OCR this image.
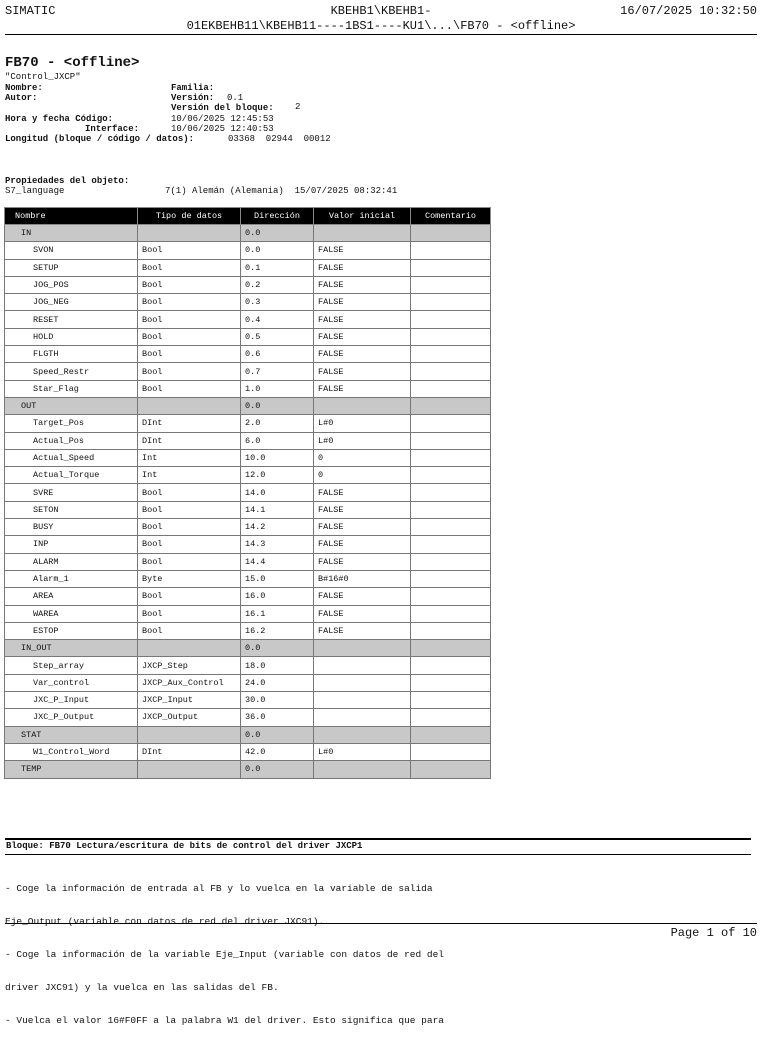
KBEHB1\KBEHB1-
01EKBEHB11\KBEHB11----1BS1----KU1\...\FB70 - <offline>
SIMATIC	16/07/2025 10:32:50
FB70 - <offline>
"Control_JXCP"
Nombre:	Familia:
Autor:	Versión: 0.1
Versión del bloque: 2
Hora y fecha Código:	10/06/2025 12:45:53
Interface:	10/06/2025 12:40:53
Longitud (bloque / código / datos):	03368  02944  00012
Propiedades del objeto:
S7_language	7(1) Alemán (Alemania)  15/07/2025 08:32:41
Nombre	Tipo de datos	Dirección	Valor inicial	Comentario
IN		0.0		
SVON	Bool	0.0	FALSE	
SETUP	Bool	0.1	FALSE	
JOG_POS	Bool	0.2	FALSE	
JOG_NEG	Bool	0.3	FALSE	
RESET	Bool	0.4	FALSE	
HOLD	Bool	0.5	FALSE	
FLGTH	Bool	0.6	FALSE	
Speed_Restr	Bool	0.7	FALSE	
Star_Flag	Bool	1.0	FALSE	
OUT		0.0		
Target_Pos	DInt	2.0	L#0	
Actual_Pos	DInt	6.0	L#0	
Actual_Speed	Int	10.0	0	
Actual_Torque	Int	12.0	0	
SVRE	Bool	14.0	FALSE	
SETON	Bool	14.1	FALSE	
BUSY	Bool	14.2	FALSE	
INP	Bool	14.3	FALSE	
ALARM	Bool	14.4	FALSE	
Alarm_1	Byte	15.0	B#16#0	
AREA	Bool	16.0	FALSE	
WAREA	Bool	16.1	FALSE	
ESTOP	Bool	16.2	FALSE	
IN_OUT		0.0		
Step_array	JXCP_Step	18.0		
Var_control	JXCP_Aux_Control	24.0		
JXC_P_Input	JXCP_Input	30.0		
JXC_P_Output	JXCP_Output	36.0		
STAT		0.0		
W1_Control_Word	DInt	42.0	L#0	
TEMP		0.0		
Bloque: FB70 Lectura/escritura de bits de control del driver JXCP1

- Coge la información de entrada al FB y lo vuelca en la variable de salida

Eje_Output (variable con datos de red del driver JXC91).

- Coge la información de la variable Eje_Input (variable con datos de red del

driver JXC91) y la vuelca en las salidas del FB.

- Vuelca el valor 16#F0FF a la palabra W1 del driver. Esto significa que para

Page 1 of 10
